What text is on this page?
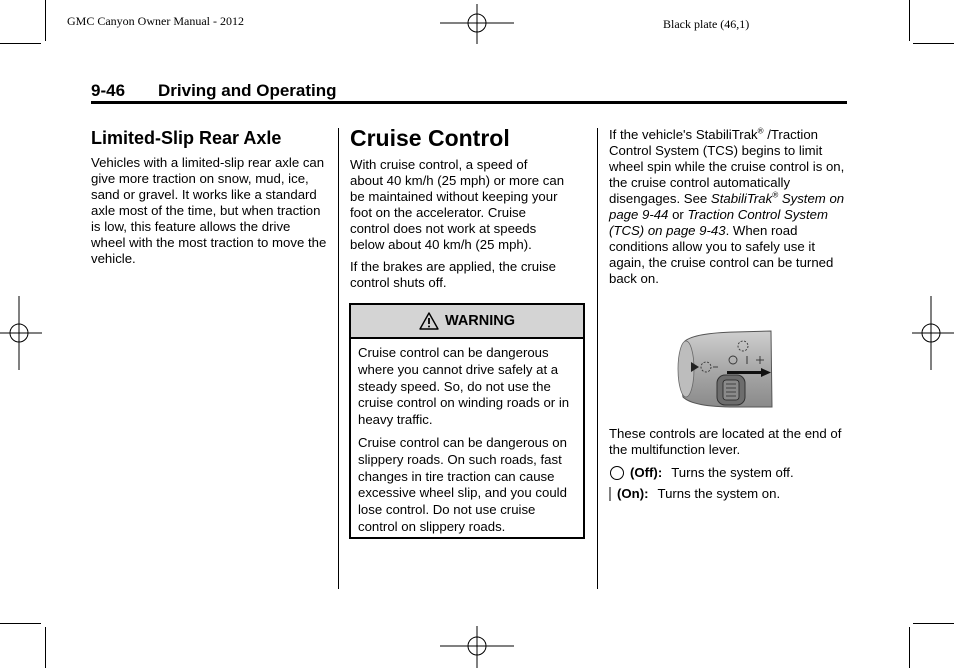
GMC Canyon Owner Manual - 2012	Black plate (46,1)
9-46 Driving and Operating
Limited-Slip Rear Axle

Vehicles with a limited-slip rear axle can give more traction on snow, mud, ice, sand or gravel. It works like a standard axle most of the time, but when traction is low, this feature allows the drive wheel with the most traction to move the vehicle.

Cruise Control
With cruise control, a speed of
about 40 km/h (25 mph) or more can
be maintained without keeping your
foot on the accelerator. Cruise
control does not work at speeds
below about 40 km/h (25 mph).
If the brakes are applied, the cruise
control shuts off.
WARNING

Cruise control can be dangerous where you cannot drive safely at a steady speed. So, do not use the cruise control on winding roads or in heavy traffic.

Cruise control can be dangerous on slippery roads. On such roads, fast changes in tire traction can cause excessive wheel slip, and you could lose control. Do not use cruise control on slippery roads.

If the vehicle's StabiliTrak® /Traction Control System (TCS) begins to limit wheel spin while the cruise control is on, the cruise control automatically disengages. See StabiliTrak® System on page 9-44 or Traction Control System (TCS) on page 9-43. When road conditions allow you to safely use it again, the cruise control can be turned
back on.

These controls are located at the end of the multifunction lever.

(Off): Turns the system off.
(On): Turns the system on.
